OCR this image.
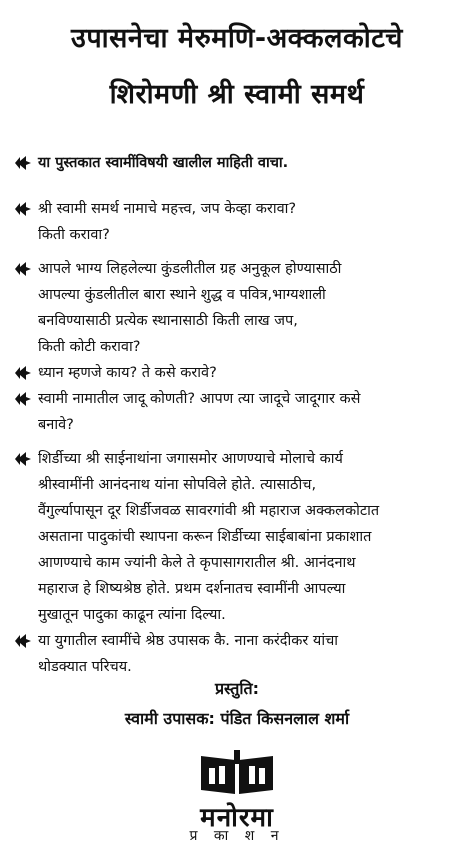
उपासनेचा मेरुमणि-अक्कलकोटचे
शिरोमणी श्री स्वामी समर्थ
या पुस्तकात स्वामींविषयी खालील माहिती वाचा.
श्री स्वामी समर्थ नामाचे महत्त्व, जप केव्हा करावा?
किती करावा?
आपले भाग्य लिहलेल्या कुंडलीतील ग्रह अनुकूल होण्यासाठी
आपल्या कुंडलीतील बारा स्थाने शुद्ध व पवित्र,भाग्यशाली
बनविण्यासाठी प्रत्येक स्थानासाठी किती लाख जप,
किती कोटी करावा?
ध्यान म्हणजे काय? ते कसे करावे?
स्वामी नामातील जादू कोणती? आपण त्या जादूचे जादूगार कसे
बनावे?
शिर्डीच्या श्री साईनाथांना जगासमोर आणण्याचे मोलाचे कार्य
श्रीस्वामींनी आनंदनाथ यांना सोपविले होते. त्यासाठीच,
वैंगुर्ल्यापासून दूर शिर्डीजवळ सावरगांवी श्री महाराज अक्कलकोटात
असताना पादुकांची स्थापना करून शिर्डीच्या साईबाबांना प्रकाशात
आणण्याचे काम ज्यांनी केले ते कृपासागरातील श्री. आनंदनाथ
महाराज हे शिष्यश्रेष्ठ होते. प्रथम दर्शनातच स्वामींनी आपल्या
मुखातून पादुका काढून त्यांना दिल्या.
या युगातील स्वामींचे श्रेष्ठ उपासक कै. नाना करंदीकर यांचा
थोडक्यात परिचय.
प्रस्तुति:
स्वामी उपासक: पंडित किसनलाल शर्मा
मनोरमा
प्र का श न
